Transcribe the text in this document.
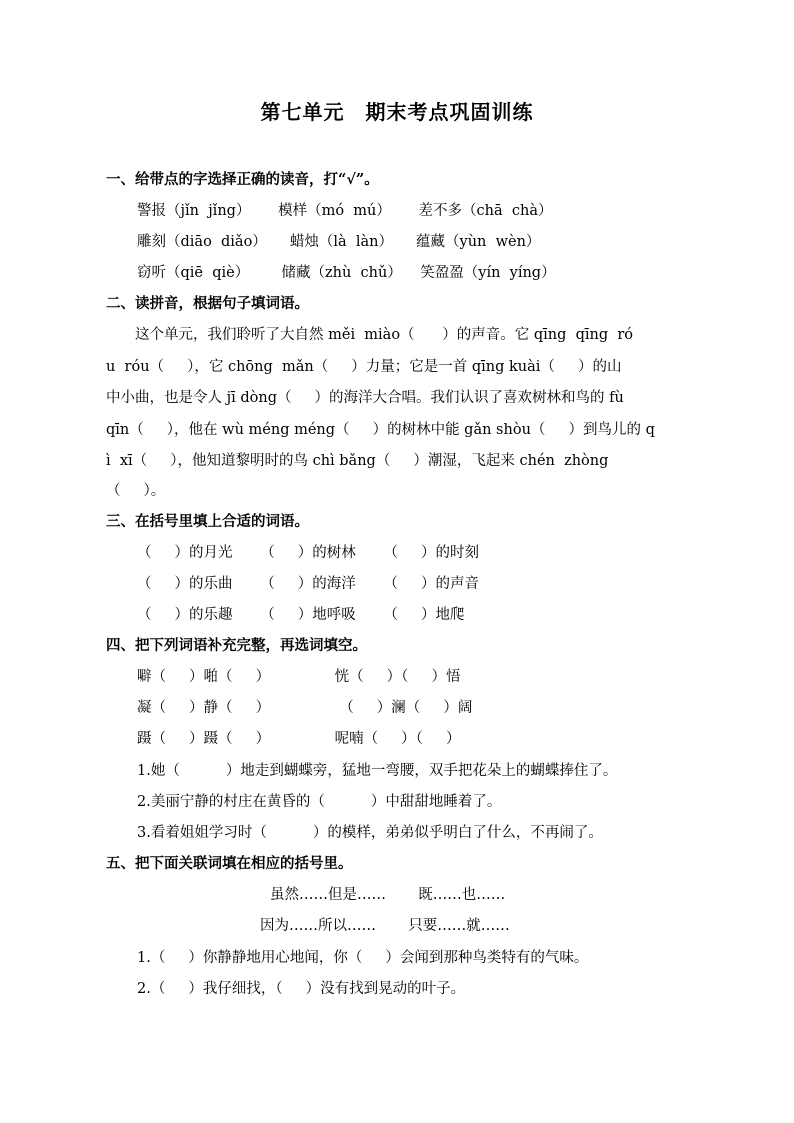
第七单元　期末考点巩固训练
一、给带点的字选择正确的读音，打“√”。
警报（jǐn  jǐng）      模样（mó  mú）      差不多（chā  chà）
雕刻（diāo  diǎo）     蜡烛（là  làn）     蕴藏（yùn  wèn）
窃听（qiē  qiè）       储藏（zhù  chǔ）    笑盈盈（yín  yíng）
二、读拼音，根据句子填词语。
　　这个单元，我们聆听了大自然 měi  miào（      ）的声音。它 qīng  qīng  ró
u  róu（     ），它 chōng  mǎn（     ）力量；它是一首 qīng kuài（     ）的山
中小曲，也是令人 jī dòng（     ）的海洋大合唱。我们认识了喜欢树林和鸟的 fù
qīn（     ），他在 wù méng méng（     ）的树林中能 gǎn shòu（     ）到鸟儿的 q
ì  xī（     ），他知道黎明时的鸟 chì bǎng（     ）潮湿，飞起来 chén  zhòng
（     ）。
三、在括号里填上合适的词语。
（     ）的月光      （     ）的树林      （     ）的时刻
（     ）的乐曲      （     ）的海洋      （     ）的声音
（     ）的乐趣      （     ）地呼吸      （     ）地爬
四、把下列词语补充完整，再选词填空。
噼（     ）啪（     ）              恍（     ）（     ）悟
凝（     ）静（     ）               （     ）澜（     ）阔
蹑（     ）蹑（     ）              呢喃（     ）（     ）
1.她（          ）地走到蝴蝶旁，猛地一弯腰，双手把花朵上的蝴蝶捧住了。
2.美丽宁静的村庄在黄昏的（          ）中甜甜地睡着了。
3.看着姐姐学习时（          ）的模样，弟弟似乎明白了什么，不再闹了。
五、把下面关联词填在相应的括号里。
虽然……但是……       既……也……
因为……所以……       只要……就……
1.（     ）你静静地用心地闻，你（     ）会闻到那种鸟类特有的气味。
2.（     ）我仔细找，（     ）没有找到晃动的叶子。
